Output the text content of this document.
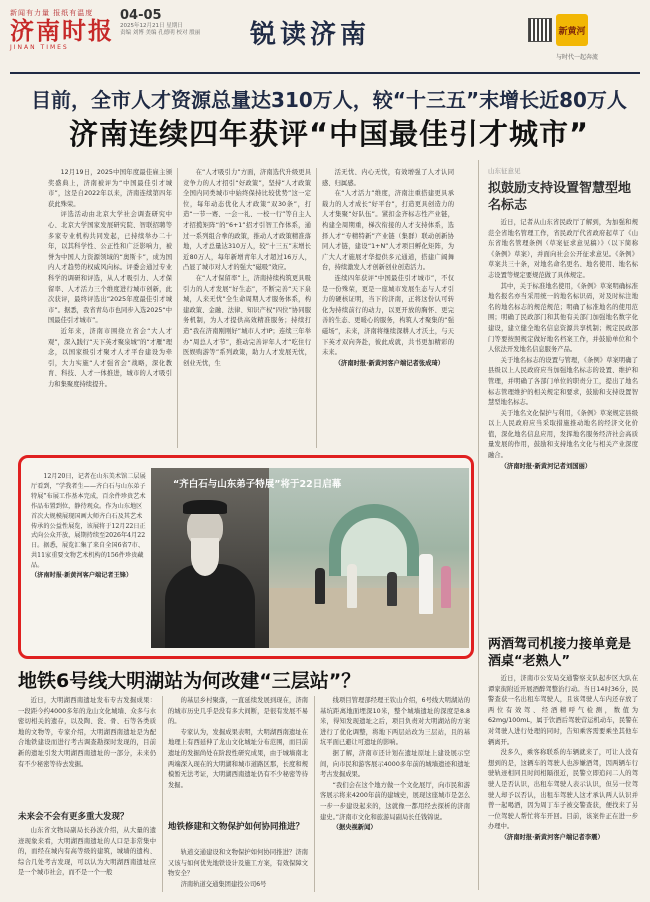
新闻有力量 报纸有温度
济南时报
JINAN TIMES
04-05
2025年12月21日 星期日
责编 刘博 美编 孔德明 校对 殷丽	锐读济南	新黄河
与时代一起奔流
目前，全市人才资源总量达310万人，较“十三五”末增长近80万人
济南连续四年获评“中国最佳引才城市”

12月19日，2025中国年度最佳雇主颁奖盛典上，济南被评为“中国最佳引才城市”，这是自2022年以来，济南连续第四年获此殊荣。

评选活动由北京大学社会调查研究中心、北京大学国家发展研究院、智联招聘等多家专业机构共同发起，已持续举办二十年，以其科学性、公正性和广泛影响力，被誉为中国人力资源领域的“奥斯卡”，成为国内人才趋势的权威风向标。评委会通过专业科学的调研和评选，从人才吸引力、人才保留率、人才活力三个维度进行城市创新，此次获评，最终评选出“2025年度最佳引才城市”。据悉，我省青岛市也同步入选2025“中国最佳引才城市”。

近年来，济南市围绕立省会“大人才观”，深入践行“天下英才聚泉城”的“才雁”理念，以国家级引才聚才人才平台建设为牵引，大力实施“人才强省会”战略，深化教育、科技、人才一体推进，城市的人才吸引力和集聚度持续提升。

在“人才吸引力”方面，济南选代升级更具竞争力的人才招引“好政策”，坚持“人才政策全国内同类城市中始终保持比较优势”这一定位，每年动态优化人才政策“双30条”，打造“一节一赛、一会一礼、一校一行”等自主人才招揽矩阵“的“6+1”招才引智工作体系，通过一系列组合拳的政策，推动人才政策精准落地，人才总量达310万人，较“十三五”末增长近80万人，每年新增青年人才超过16万人，凸显了城市对人才的强大“磁吸”效应。

在“人才保留率”上，济南持续构筑更具吸引力的人才发展“好生态”，不断完善“天下泉城，人来无忧”全生命周期人才服务体系，构建政策、金融、法律、知识产权“四位”协同服务机制，为人才提供高效精准服务；持续打造“我在济南刚刚好”城市人才IP；连续三年举办“周总人才节”，推动完善评年人才“吃住行医娱购游等”系列政策，助力人才发展无忧，创业无忧，生

活无忧、内心无忧，有效增强了人才认同感、归属感。

在“人才活力”维度，济南注重搭建更具承载力的人才成长“好平台”，打造更具创造力的人才集聚“好队伍”。紧扣金齐标志性产业链，构建全周期重，梯次衔接的人才支持体系，选择人才“专精特新”产业链（集群）联动创新协同人才链，建设“1+N”人才项目孵化矩阵，为广大人才施展才华提供多元通道，搭建广阔舞台，持续激发人才创新创业创造活力。

连续四年获评“中国最佳引才城市”，不仅是一份殊荣，更是一座城市发展生态与人才引力的硬核证明，当下的济南，正将这份认可转化为持续前行的动力，以更开放的胸怀、更完善的生态、更暖心的服务，构筑人才聚集的“强磁场”，未来，济南将继续深耕人才沃土，与天下英才双向奔赴，彼此成就，共书更加精彩的未来。

（济南时报·新黄河客户端记者张成琦）

山东征意见
拟鼓励支持设置智慧型地名标志

近日，记者从山东省民政厅了解到，为加强和规范全省地名管理工作，省民政厅代省政府起草了《山东省地名管理条例（草案征求意见稿）》（以下简称《条例》草案），并面向社会公开征求意见。《条例》草案共三十条，对地名命名更名、地名使用、地名标志设置等规定要规范做了具体规定。

其中，关于标准地名使用，《条例》草案明确标准地名报名亦当采用统一的地名标识码，对及时标注地名的地名标志的规范规范；明确了标准地名的使用范围；明确了民政部门和其他有关部门加强地名数字化建设，建立健全地名信息资源共享机制；规定民政部门等要按照规定做好地名档案工作，并鼓励单位和个人依法开发地名信息服务产品。

关于地名标志的设置与管理，《条例》草案明确了县级以上人民政府应当加强地名标志的设置、维护和管理，并明确了各部门单位的职责分工，提出了地名标志管理维护的相关规定和要求，鼓励和支持设置智慧型地名标志。

关于地名文化保护与利用，《条例》草案规定县级以上人民政府应当采取措施推动地名的经济文化价值，深化地名信息应用，发挥地名服务经济社会高质量发展的作用，鼓励和支持地名文化与相关产业深度融合。

（济南时报·新黄河记者刘国丽）

两酒驾司机接力接单竟是酒桌“老熟人”

近日，济南市公安局交通警察支队起步区大队在谭家街附近开展酒醉驾整治行动。当日14时36分，民警查获一名出租车驾驶人，且该驾驶人车内还存放了两位有效驾、经酒精呼气检测，数值为62mg/100mL，属于饮酒后驾驶营运机动车，民警在对驾驶人进行处理的同时，告知乘客需要乘坐其他车辆离开。

没多久，乘客称联系的车辆就来了，可让人没有想到的是，这辆车的驾驶人也涉嫌酒驾，因两辆车行驶轨迹相同且时间相隔很近，民警立即追问二人的驾驶人是否认识，出租车驾驶人表示认识，但另一位驾驶人却予以否认，出租车驾驶人这才承认两人认识并曾一起喝酒，因为周丁车子被交警查获，便找来了另一位驾驶人帮忙将车开回。目前，该案件正在进一步办理中。

（济南时报·新黄河客户端记者李震）

12月20日，记者在山东美术馆二层展厅看到，“学我者生——齐白石与山东弟子特展”布展工作基本完成，百余件珍贵艺术作品布置到位，静待观众。作为山东地区首次大规模展现国画大师齐白石及其艺术传承的公益性展览，该展将于12月22日正式向公众开放，展期持续至2026年4月22日。据悉，展览汇集了来自全国6省7市、共11家重要文物艺术机构的156件珍贵藏品。
（济南时报·新黄河客户端记者王锋）
“齐白石与山东弟子特展”将于22日启幕
地铁6号线大明湖站为何改建“三层站”？

近日，大明湖西南遗址发布专古发掘成果：一段距今约4000多年的龙山文化城墙、众多与水密切相关的遗存，以及陶、瓷、骨、石等各类质地的文物等，专家介绍，大明湖西南遗址是为配合地铁建设而进行考古调查勘探时发现的，目前新的遗址引发大明湖西南遗址的一部分，未来仍有不少秘密等待去发掘。

未来会不会有更多重大发现？

山东省文物局副局长孙波介绍，从大量的遗迹现象来看，大明湖西南遗址的人口是非常集中的，而经在城内有高等级的建筑，城墙的遗构、综合几处考古发现，可以认为大明湖西南遗址应是一个城市社会，而不是一个一般

的基层乡村聚落，一直延续发展到现在，济南的城市历史几乎是没有多大间断，是很有发展不易的。

专家认为，发掘成果表明，大明湖西南遗址在地理上有西延伸了龙山文化城址分布范围，而目前遗址的发掘尚处在阶段性研究成果，由于城墙南北两端深入现在的大明湖和城市道路区那，长度和规模暂无法考证，大明湖西南遗址仍有不少秘密等待发掘。

地铁修建和文物保护如何协同推进？

轨道交通建设和文物保护如何协同推进？济南又该与如何优先地铁设计及施工方案，有效保障文物安全？

济南轨道交通集团建投公司6号

线项目管理部经理王钦山介绍，6号线大明湖站的基坑距离地面埋深10米，整个城墙遗址的深度是8.8米，得知发现遗址之后，项目负责对大明湖站的方案进行了优化调整，将地下两层站改为三层站，且的基坑平面已避让可遗址的影响。

据了解，济南市还计划在遗址原址上建设展示空间，向市民和游客展示4000多年前的城墙遗迹和遗址考古发掘成果。

“我们会在这个地方做一个文化展厅，向市民和游客展示将来4200年前的建城史，展现这座城市是怎么一步一步建设起来的，这就像一都用经去探析的济南建史。”济南市文化和旅游局副局长任钱锦说。

（据央视新闻）
